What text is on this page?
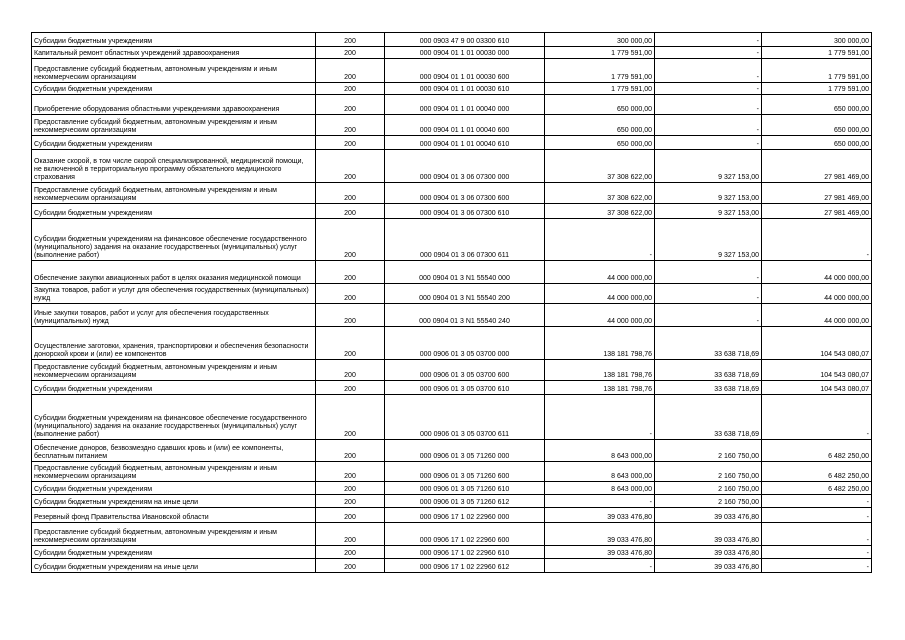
Субсидии бюджетным учреждениям	200	000 0903 47 9 00 03300 610	300 000,00	-	300 000,00
Капитальный ремонт областных учреждений здравоохранения	200	000 0904 01 1 01 00030 000	1 779 591,00	-	1 779 591,00
Предоставление субсидий бюджетным, автономным учреждениям и иным некоммерческим организациям	200	000 0904 01 1 01 00030 600	1 779 591,00	-	1 779 591,00
Субсидии бюджетным учреждениям	200	000 0904 01 1 01 00030 610	1 779 591,00	-	1 779 591,00
Приобретение оборудования областными учреждениями здравоохранения	200	000 0904 01 1 01 00040 000	650 000,00	-	650 000,00
Предоставление субсидий бюджетным, автономным учреждениям и иным некоммерческим организациям	200	000 0904 01 1 01 00040 600	650 000,00	-	650 000,00
Субсидии бюджетным учреждениям	200	000 0904 01 1 01 00040 610	650 000,00	-	650 000,00
Оказание скорой, в том числе скорой специализированной, медицинской помощи, не включенной в территориальную программу обязательного медицинского страхования	200	000 0904 01 3 06 07300 000	37 308 622,00	9 327 153,00	27 981 469,00
Предоставление субсидий бюджетным, автономным учреждениям и иным некоммерческим организациям	200	000 0904 01 3 06 07300 600	37 308 622,00	9 327 153,00	27 981 469,00
Субсидии бюджетным учреждениям	200	000 0904 01 3 06 07300 610	37 308 622,00	9 327 153,00	27 981 469,00
Субсидии бюджетным учреждениям на финансовое обеспечение государственного (муниципального) задания на оказание государственных (муниципальных) услуг (выполнение работ)	200	000 0904 01 3 06 07300 611	-	9 327 153,00	-
Обеспечение закупки авиационных работ в целях оказания медицинской помощи	200	000 0904 01 3 N1 55540 000	44 000 000,00	-	44 000 000,00
Закупка товаров, работ и услуг для обеспечения государственных (муниципальных) нужд	200	000 0904 01 3 N1 55540 200	44 000 000,00	-	44 000 000,00
Иные закупки товаров, работ и услуг для обеспечения государственных (муниципальных) нужд	200	000 0904 01 3 N1 55540 240	44 000 000,00	-	44 000 000,00
Осуществление заготовки, хранения, транспортировки и обеспечения безопасности донорской крови и (или) ее компонентов	200	000 0906 01 3 05 03700 000	138 181 798,76	33 638 718,69	104 543 080,07
Предоставление субсидий бюджетным, автономным учреждениям и иным некоммерческим организациям	200	000 0906 01 3 05 03700 600	138 181 798,76	33 638 718,69	104 543 080,07
Субсидии бюджетным учреждениям	200	000 0906 01 3 05 03700 610	138 181 798,76	33 638 718,69	104 543 080,07
Субсидии бюджетным учреждениям на финансовое обеспечение государственного (муниципального) задания на оказание государственных (муниципальных) услуг (выполнение работ)	200	000 0906 01 3 05 03700 611	-	33 638 718,69	-
Обеспечение доноров, безвозмездно сдавших кровь и (или) ее компоненты, бесплатным питанием	200	000 0906 01 3 05 71260 000	8 643 000,00	2 160 750,00	6 482 250,00
Предоставление субсидий бюджетным, автономным учреждениям и иным некоммерческим организациям	200	000 0906 01 3 05 71260 600	8 643 000,00	2 160 750,00	6 482 250,00
Субсидии бюджетным учреждениям	200	000 0906 01 3 05 71260 610	8 643 000,00	2 160 750,00	6 482 250,00
Субсидии бюджетным учреждениям на иные цели	200	000 0906 01 3 05 71260 612	-	2 160 750,00	-
Резервный фонд Правительства Ивановской области	200	000 0906 17 1 02 22960 000	39 033 476,80	39 033 476,80	-
Предоставление субсидий бюджетным, автономным учреждениям и иным некоммерческим организациям	200	000 0906 17 1 02 22960 600	39 033 476,80	39 033 476,80	-
Субсидии бюджетным учреждениям	200	000 0906 17 1 02 22960 610	39 033 476,80	39 033 476,80	-
Субсидии бюджетным учреждениям на иные цели	200	000 0906 17 1 02 22960 612	-	39 033 476,80	-
